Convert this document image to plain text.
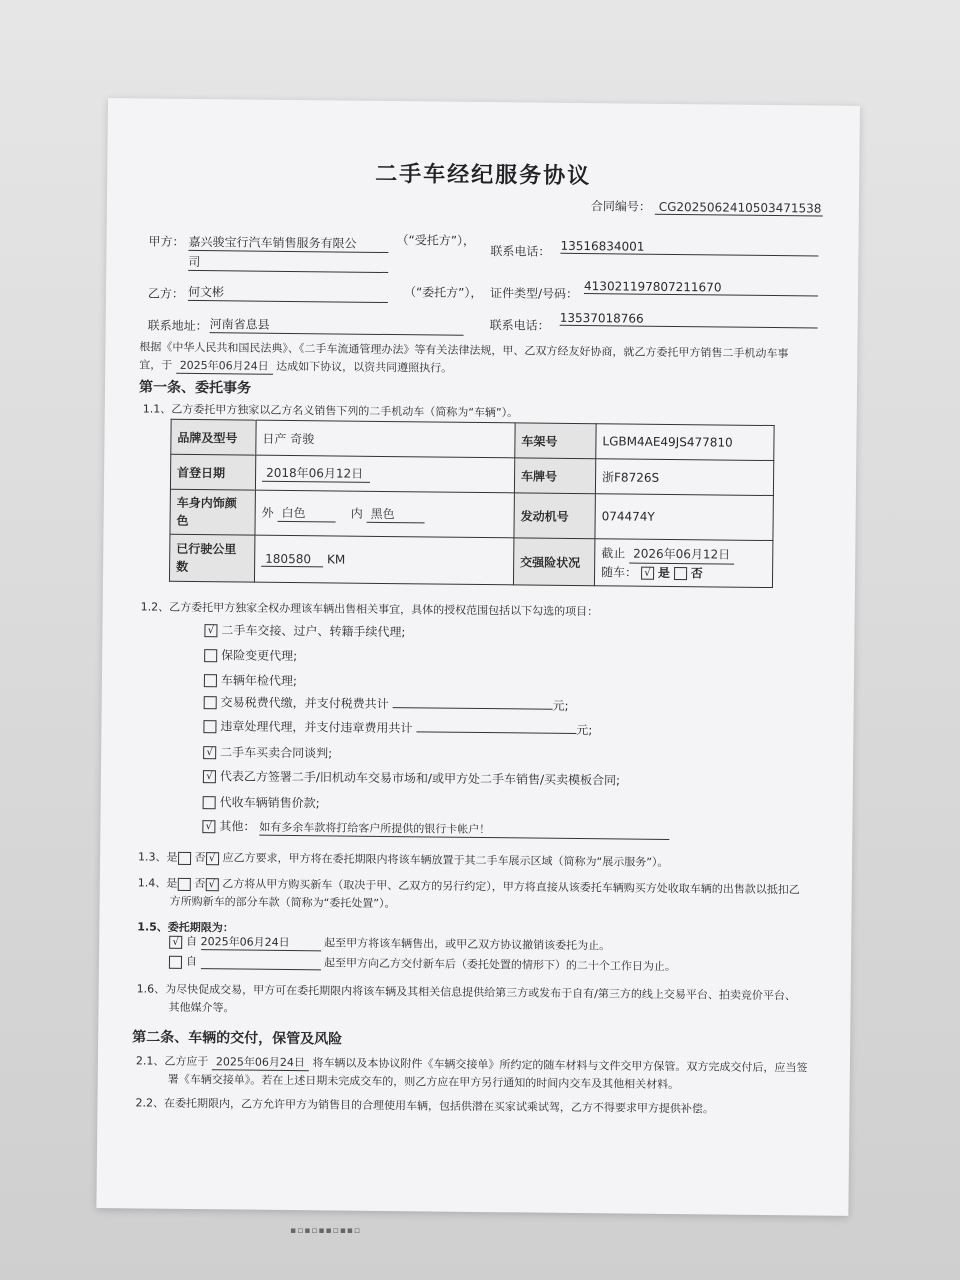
二手车经纪服务协议
合同编号： CG2025062410503471538
甲方： 嘉兴骏宝行汽车销售服务有限公
司
（“受托方”），
联系电话： 13516834001
乙方： 何文彬	（“委托方”）， 证件类型/号码： 413021197807211670
联系地址： 河南省息县	联系电话： 13537018766
根据《中华人民共和国民法典》、《二手车流通管理办法》等有关法律法规，甲、乙双方经友好协商，就乙方委托甲方销售二手机动车事
宜，于 2025年06月24日 达成如下协议，以资共同遵照执行。
第一条、委托事务
1.1、乙方委托甲方独家以乙方名义销售下列的二手机动车（简称为“车辆”）。
品牌及型号	日产 奇骏	车架号	LGBM4AE49JS477810
首登日期	2018年06月12日	车牌号	浙F8726S
车身内饰颜
色	外 白色 内 黑色	发动机号	074474Y
已行驶公里
数	180580 KM	交强险状况	截止 2026年06月12日
随车： √ 是 否
1.2、乙方委托甲方独家全权办理该车辆出售相关事宜，具体的授权范围包括以下勾选的项目：
√ 二手车交接、过户、转籍手续代理;
保险变更代理;
车辆年检代理;
交易税费代缴，并支付税费共计	元;
违章处理代理，并支付违章费用共计	元;
√ 二手车买卖合同谈判;
√ 代表乙方签署二手/旧机动车交易市场和/或甲方处二手车销售/买卖模板合同;
代收车辆销售价款;
√ 其他： 如有多余车款将打给客户所提供的银行卡帐户！
1.3、是 否 √ 应乙方要求，甲方将在委托期限内将该车辆放置于其二手车展示区域（简称为“展示服务”）。
1.4、是 否 √ 乙方将从甲方购买新车（取决于甲、乙双方的另行约定），甲方将直接从该委托车辆购买方处收取车辆的出售款以抵扣乙
方所购新车的部分车款（简称为“委托处置”）。
1.5、委托期限为：
√ 自 2025年06月24日	起至甲方将该车辆售出，或甲乙双方协议撤销该委托为止。
自	起至甲方向乙方交付新车后（委托处置的情形下）的二十个工作日为止。
1.6、为尽快促成交易，甲方可在委托期限内将该车辆及其相关信息提供给第三方或发布于自有/第三方的线上交易平台、拍卖竞价平台、
其他媒介等。
第二条、车辆的交付，保管及风险
2.1、乙方应于 2025年06月24日 将车辆以及本协议附件《车辆交接单》所约定的随车材料与文件交甲方保管。双方完成交付后，应当签
署《车辆交接单》。若在上述日期未完成交车的，则乙方应在甲方另行通知的时间内交车及其他相关材料。
2.2、在委托期限内，乙方允许甲方为销售目的合理使用车辆，包括供潜在买家试乘试驾，乙方不得要求甲方提供补偿。
▪▫▪▫▪▪▫▪▪▫
